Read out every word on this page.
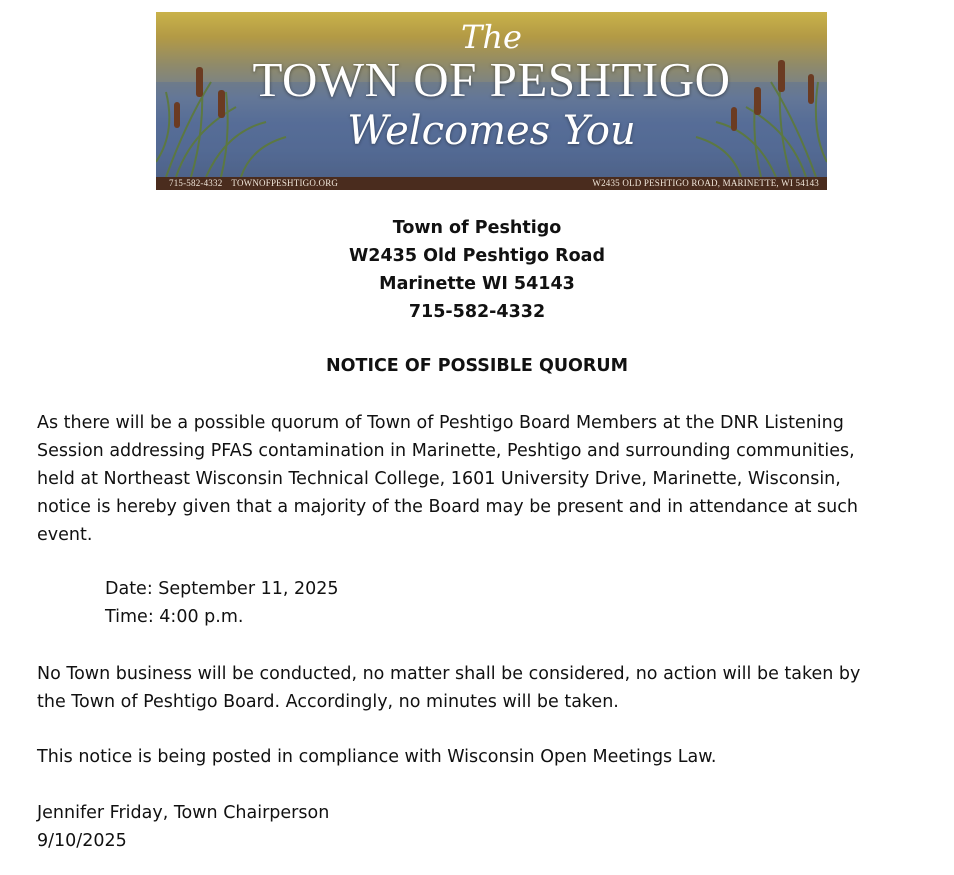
The
TOWN OF PESHTIGO
Welcomes You
715-582-4332 TOWNOFPESHTIGO.ORG	W2435 OLD PESHTIGO ROAD, MARINETTE, WI 54143
Town of Peshtigo
W2435 Old Peshtigo Road
Marinette WI 54143
715-582-4332
NOTICE OF POSSIBLE QUORUM
As there will be a possible quorum of Town of Peshtigo Board Members at the DNR Listening
Session addressing PFAS contamination in Marinette, Peshtigo and surrounding communities,
held at Northeast Wisconsin Technical College, 1601 University Drive, Marinette, Wisconsin,
notice is hereby given that a majority of the Board may be present and in attendance at such
event.
Date: September 11, 2025
Time: 4:00 p.m.
No Town business will be conducted, no matter shall be considered, no action will be taken by
the Town of Peshtigo Board. Accordingly, no minutes will be taken.
This notice is being posted in compliance with Wisconsin Open Meetings Law.
Jennifer Friday, Town Chairperson
9/10/2025
